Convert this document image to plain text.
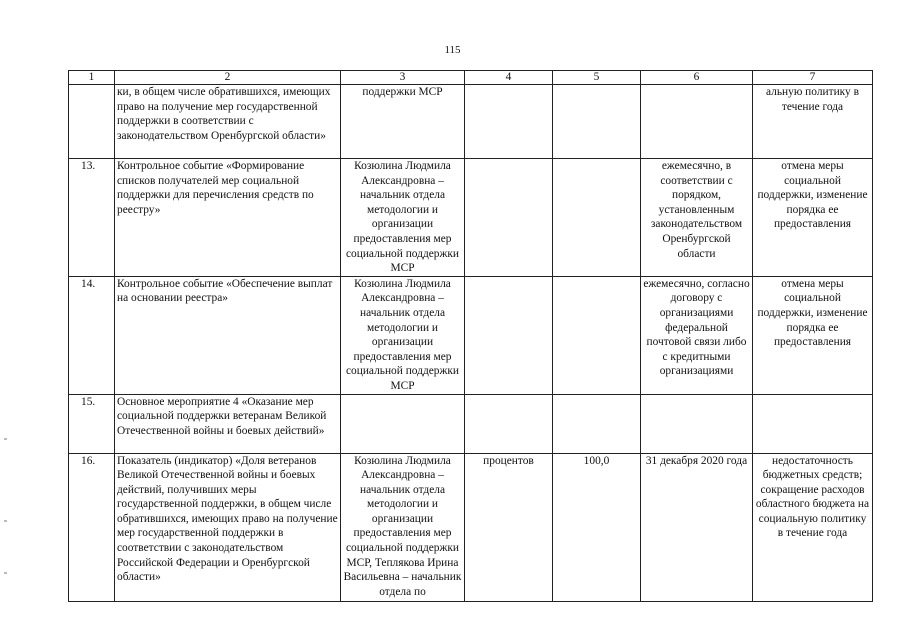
115
1	2	3	4	5	6	7
	ки, в общем числе обратившихся, имеющих право на получение мер государственной поддержки в соответствии с законодательством Оренбургской области»	поддержки МСР				альную политику в течение года
13.	Контрольное событие «Формирование списков получателей мер социальной поддержки для перечисления средств по реестру»	Козюлина Людмила Александровна – начальник отдела методологии и организации предоставления мер социальной поддержки МСР			ежемесячно, в соответствии с порядком, установленным законодательством Оренбургской области	отмена меры социальной поддержки, изменение порядка ее предоставления
14.	Контрольное событие «Обеспечение выплат на основании реестра»	Козюлина Людмила Александровна – начальник отдела методологии и организации предоставления мер социальной поддержки МСР			ежемесячно, согласно договору с организациями федеральной почтовой связи либо с кредитными организациями	отмена меры социальной поддержки, изменение порядка ее предоставления
15.	Основное мероприятие 4 «Оказание мер социальной поддержки ветеранам Великой Отечественной войны и боевых действий»					
16.	Показатель (индикатор) «Доля ветеранов Великой Отечественной войны и боевых действий, получивших меры государственной поддержки, в общем числе обратившихся, имеющих право на получение мер государственной поддержки в соответствии с законодательством Российской Федерации и Оренбургской области»	Козюлина Людмила Александровна – начальник отдела методологии и организации предоставления мер социальной поддержки МСР, Теплякова Ирина Васильевна – начальник отдела по	процентов	100,0	31 декабря 2020 года	недостаточность бюджетных средств; сокращение расходов областного бюджета на социальную политику в течение года
